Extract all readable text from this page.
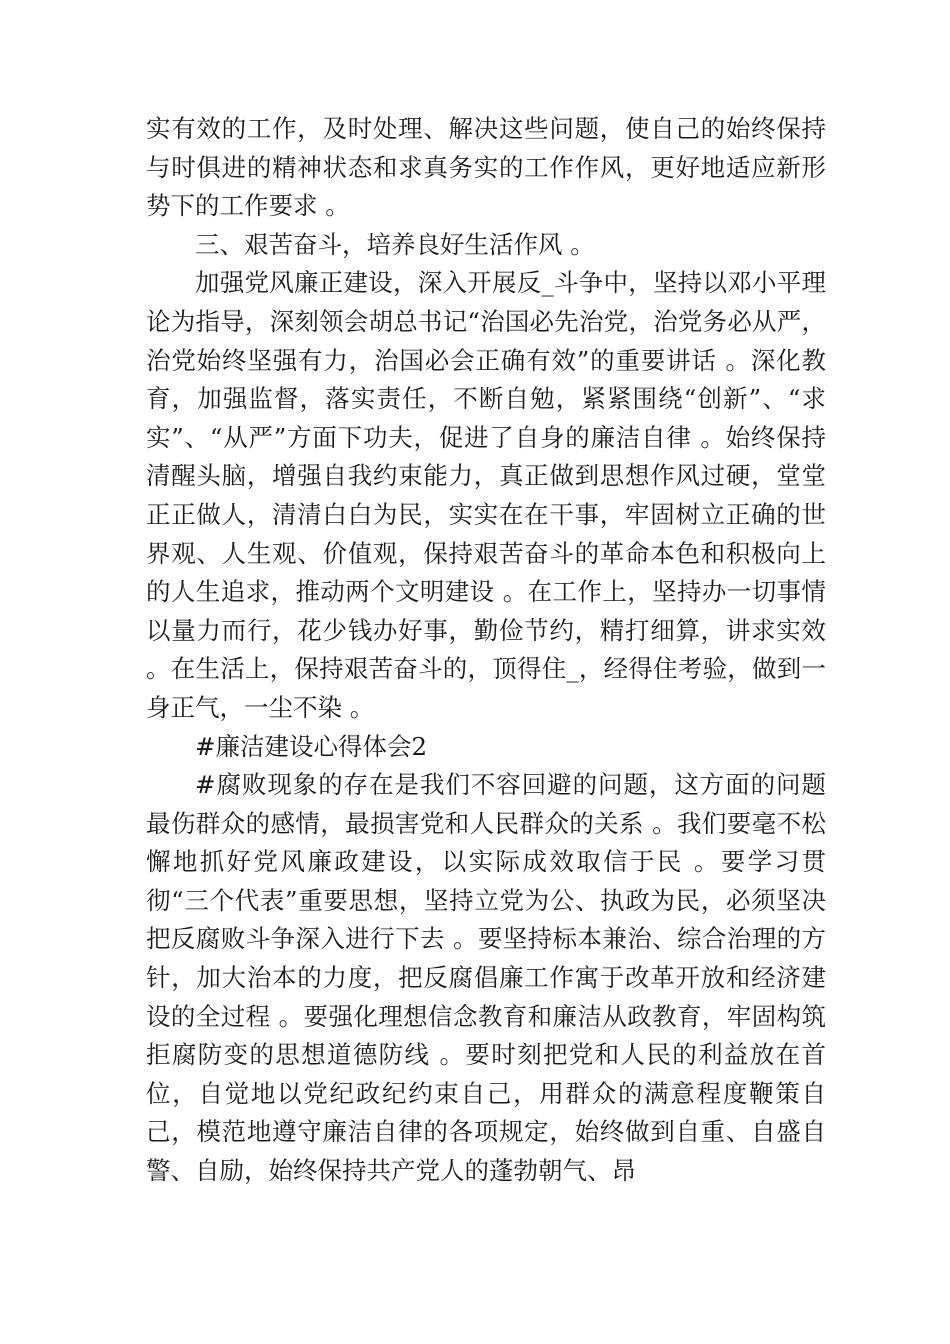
实有效的工作，及时处理、解决这些问题，使自己的始终保持与时俱进的精神状态和求真务实的工作作风，更好地适应新形势下的工作要求 。

三、艰苦奋斗，培养良好生活作风 。

加强党风廉正建设，深入开展反_斗争中，坚持以邓小平理论为指导，深刻领会胡总书记“治国必先治党，治党务必从严，治党始终坚强有力，治国必会正确有效”的重要讲话 。深化教育，加强监督，落实责任，不断自勉，紧紧围绕“创新”、“求实”、“从严”方面下功夫，促进了自身的廉洁自律 。始终保持清醒头脑，增强自我约束能力，真正做到思想作风过硬，堂堂正正做人，清清白白为民，实实在在干事，牢固树立正确的世界观、人生观、价值观，保持艰苦奋斗的革命本色和积极向上的人生追求，推动两个文明建设 。在工作上，坚持办一切事情以量力而行，花少钱办好事，勤俭节约，精打细算，讲求实效 。在生活上，保持艰苦奋斗的，顶得住_，经得住考验，做到一身正气，一尘不染 。

#廉洁建设心得体会2

#腐败现象的存在是我们不容回避的问题，这方面的问题最伤群众的感情，最损害党和人民群众的关系 。我们要毫不松懈地抓好党风廉政建设，以实际成效取信于民 。要学习贯彻“三个代表”重要思想，坚持立党为公、执政为民，必须坚决把反腐败斗争深入进行下去 。要坚持标本兼治、综合治理的方针，加大治本的力度，把反腐倡廉工作寓于改革开放和经济建设的全过程 。要强化理想信念教育和廉洁从政教育，牢固构筑拒腐防变的思想道德防线 。要时刻把党和人民的利益放在首位，自觉地以党纪政纪约束自己，用群众的满意程度鞭策自己，模范地遵守廉洁自律的各项规定，始终做到自重、自盛自警、自励，始终保持共产党人的蓬勃朝气、昂
